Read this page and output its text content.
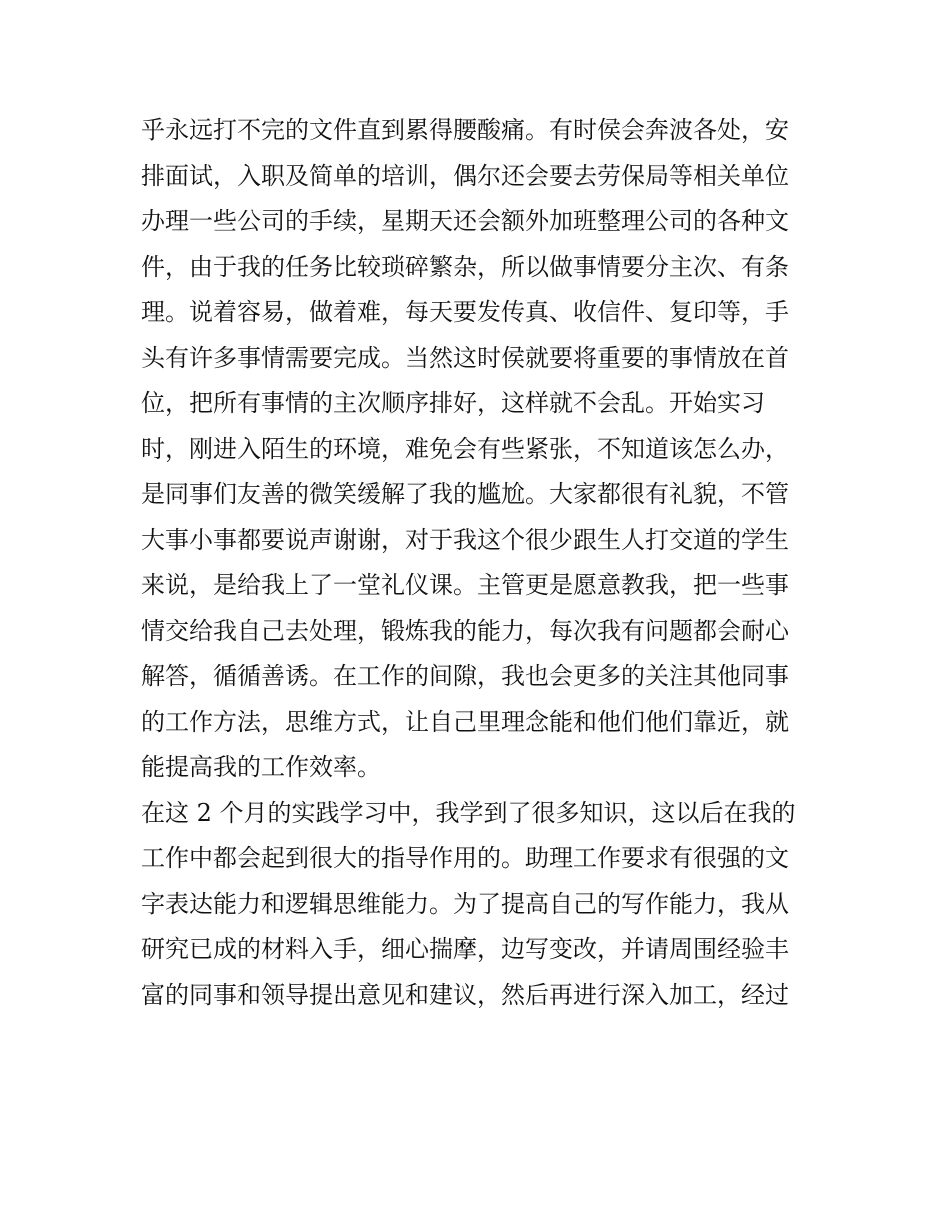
乎永远打不完的文件直到累得腰酸痛。有时侯会奔波各处，安
排面试，入职及简单的培训，偶尔还会要去劳保局等相关单位
办理一些公司的手续，星期天还会额外加班整理公司的各种文
件，由于我的任务比较琐碎繁杂，所以做事情要分主次、有条
理。说着容易，做着难，每天要发传真、收信件、复印等，手
头有许多事情需要完成。当然这时侯就要将重要的事情放在首
位，把所有事情的主次顺序排好，这样就不会乱。开始实习
时，刚进入陌生的环境，难免会有些紧张，不知道该怎么办，
是同事们友善的微笑缓解了我的尴尬。大家都很有礼貌，不管
大事小事都要说声谢谢，对于我这个很少跟生人打交道的学生
来说，是给我上了一堂礼仪课。主管更是愿意教我，把一些事
情交给我自己去处理，锻炼我的能力，每次我有问题都会耐心
解答，循循善诱。在工作的间隙，我也会更多的关注其他同事
的工作方法，思维方式，让自己里理念能和他们他们靠近，就
能提高我的工作效率。
在这 2 个月的实践学习中，我学到了很多知识，这以后在我的
工作中都会起到很大的指导作用的。助理工作要求有很强的文
字表达能力和逻辑思维能力。为了提高自己的写作能力，我从
研究已成的材料入手，细心揣摩，边写变改，并请周围经验丰
富的同事和领导提出意见和建议，然后再进行深入加工，经过
